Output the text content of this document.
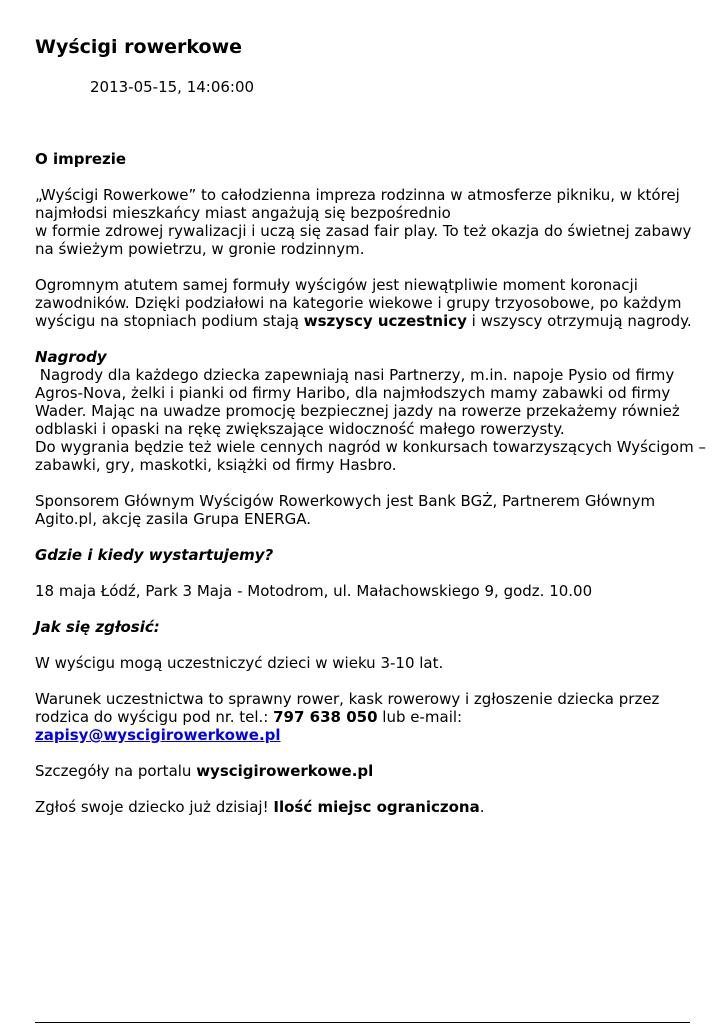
Wyścigi rowerkowe
2013-05-15, 14:06:00
O imprezie

„Wyścigi Rowerkowe” to całodzienna impreza rodzinna w atmosferze pikniku, w której
najmłodsi mieszkańcy miast angażują się bezpośrednio
w formie zdrowej rywalizacji i uczą się zasad fair play. To też okazja do świetnej zabawy
na świeżym powietrzu, w gronie rodzinnym.

Ogromnym atutem samej formuły wyścigów jest niewątpliwie moment koronacji
zawodników. Dzięki podziałowi na kategorie wiekowe i grupy trzyosobowe, po każdym
wyścigu na stopniach podium stają wszyscy uczestnicy i wszyscy otrzymują nagrody.

Nagrody
Nagrody dla każdego dziecka zapewniają nasi Partnerzy, m.in. napoje Pysio od firmy
Agros-Nova, żelki i pianki od firmy Haribo, dla najmłodszych mamy zabawki od firmy
Wader. Mając na uwadze promocję bezpiecznej jazdy na rowerze przekażemy również
odblaski i opaski na rękę zwiększające widoczność małego rowerzysty.
Do wygrania będzie też wiele cennych nagród w konkursach towarzyszących Wyścigom –
zabawki, gry, maskotki, książki od firmy Hasbro.

Sponsorem Głównym Wyścigów Rowerkowych jest Bank BGŻ, Partnerem Głównym
Agito.pl, akcję zasila Grupa ENERGA.

Gdzie i kiedy wystartujemy?

18 maja Łódź, Park 3 Maja - Motodrom, ul. Małachowskiego 9, godz. 10.00

Jak się zgłosić:

W wyścigu mogą uczestniczyć dzieci w wieku 3-10 lat.

Warunek uczestnictwa to sprawny rower, kask rowerowy i zgłoszenie dziecka przez
rodzica do wyścigu pod nr. tel.: 797 638 050 lub e-mail:
zapisy@wyscigirowerkowe.pl

Szczegóły na portalu wyscigirowerkowe.pl

Zgłoś swoje dziecko już dzisiaj! Ilość miejsc ograniczona.
